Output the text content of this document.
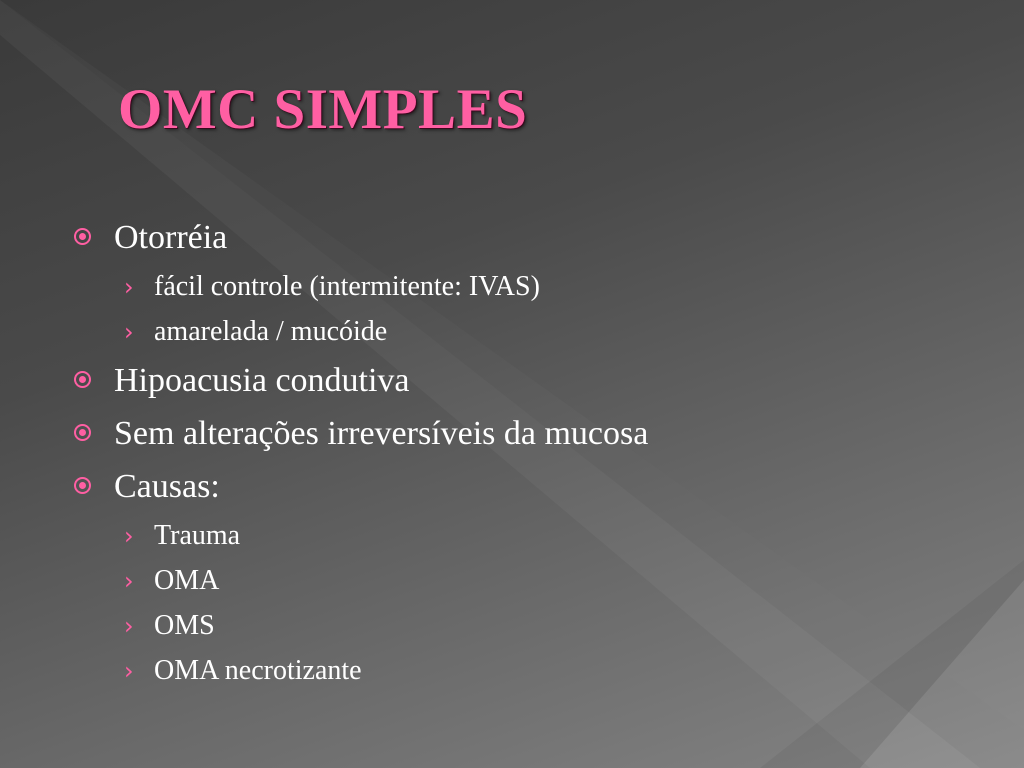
OMC SIMPLES
Otorréia
› fácil controle (intermitente: IVAS)
› amarelada / mucóide
Hipoacusia condutiva
Sem alterações irreversíveis da mucosa
Causas:
› Trauma
› OMA
› OMS
› OMA necrotizante
